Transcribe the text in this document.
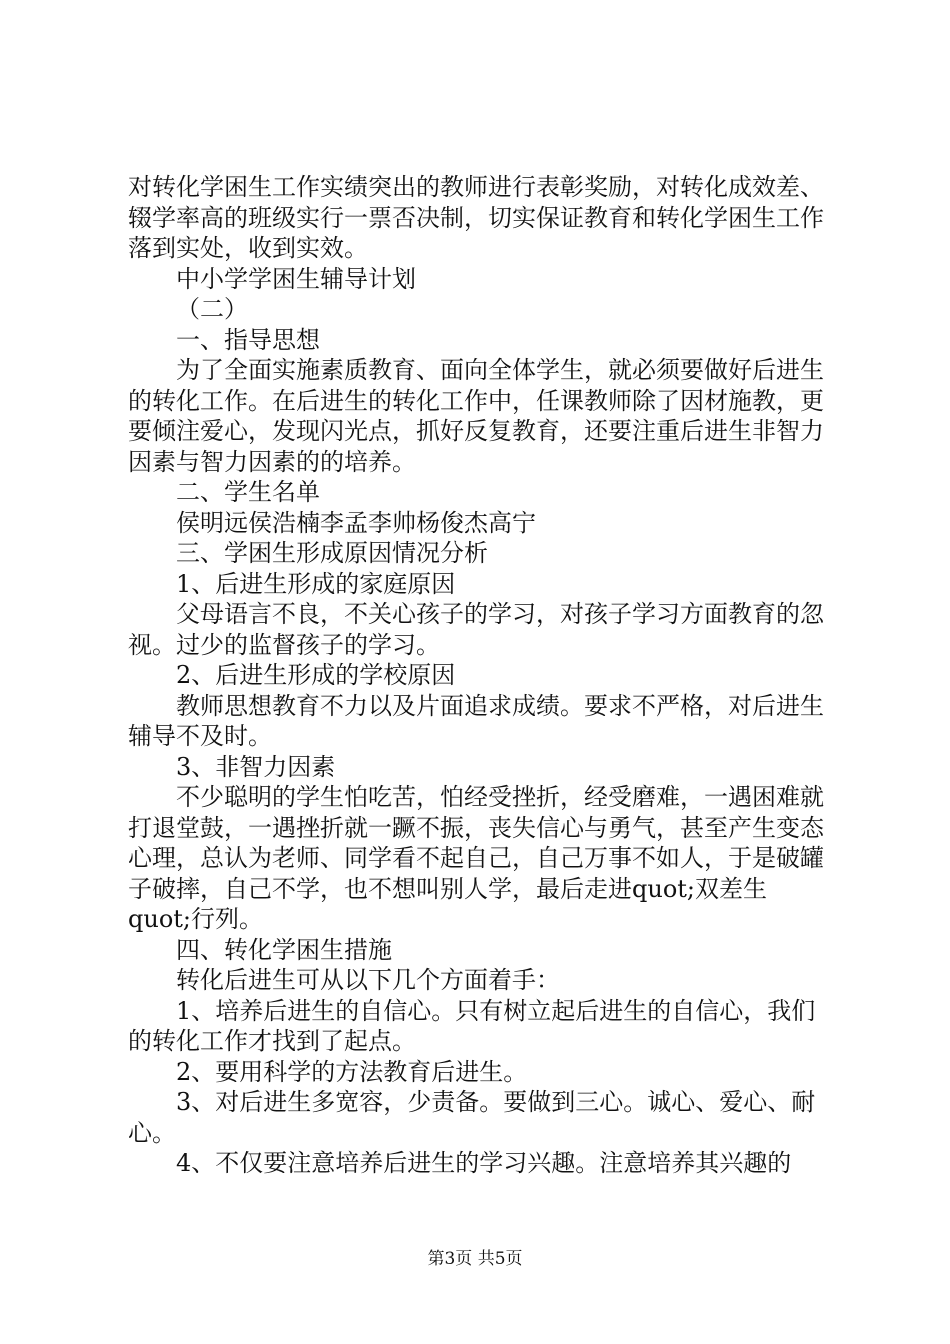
对转化学困生工作实绩突出的教师进行表彰奖励，对转化成效差、辍学率高的班级实行一票否决制，切实保证教育和转化学困生工作落到实处，收到实效。

中小学学困生辅导计划

（二）

一、指导思想

为了全面实施素质教育、面向全体学生，就必须要做好后进生的转化工作。在后进生的转化工作中，任课教师除了因材施教，更要倾注爱心，发现闪光点，抓好反复教育，还要注重后进生非智力因素与智力因素的的培养。

二、学生名单

侯明远侯浩楠李孟李帅杨俊杰高宁

三、学困生形成原因情况分析

1、后进生形成的家庭原因

父母语言不良，不关心孩子的学习，对孩子学习方面教育的忽视。过少的监督孩子的学习。

2、后进生形成的学校原因

教师思想教育不力以及片面追求成绩。要求不严格，对后进生辅导不及时。

3、非智力因素

不少聪明的学生怕吃苦，怕经受挫折，经受磨难，一遇困难就打退堂鼓，一遇挫折就一蹶不振，丧失信心与勇气，甚至产生变态心理，总认为老师、同学看不起自己，自己万事不如人，于是破罐子破摔，自己不学，也不想叫别人学，最后走进quot;双差生quot;行列。

四、转化学困生措施

转化后进生可从以下几个方面着手：

1、培养后进生的自信心。只有树立起后进生的自信心，我们的转化工作才找到了起点。

2、要用科学的方法教育后进生。

3、对后进生多宽容，少责备。要做到三心。诚心、爱心、耐心。

4、不仅要注意培养后进生的学习兴趣。注意培养其兴趣的

第3页 共5页
